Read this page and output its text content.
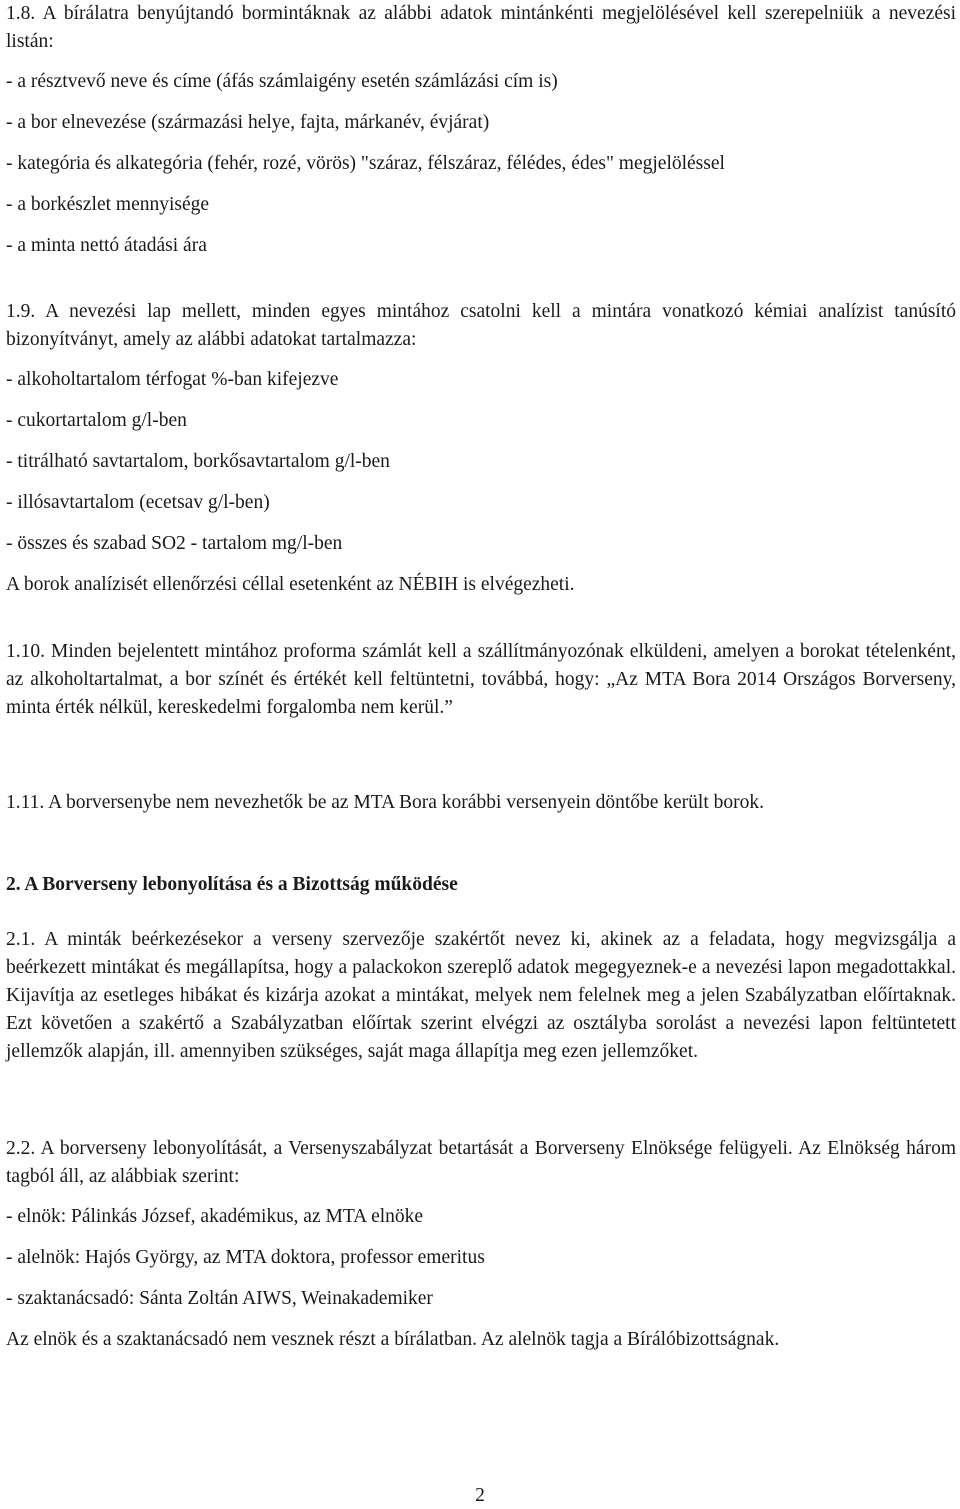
1.8. A bírálatra benyújtandó bormintáknak az alábbi adatok mintánkénti megjelölésével kell szerepelniük a nevezési listán:

- a résztvevő neve és címe (áfás számlaigény esetén számlázási cím is)
- a bor elnevezése (származási helye, fajta, márkanév, évjárat)
- kategória és alkategória (fehér, rozé, vörös) "száraz, félszáraz, félédes, édes" megjelöléssel
- a borkészlet mennyisége
- a minta nettó átadási ára

1.9. A nevezési lap mellett, minden egyes mintához csatolni kell a mintára vonatkozó kémiai analízist tanúsító bizonyítványt, amely az alábbi adatokat tartalmazza:

- alkoholtartalom térfogat %-ban kifejezve
- cukortartalom g/l-ben
- titrálható savtartalom, borkősavtartalom g/l-ben
- illósavtartalom (ecetsav g/l-ben)
- összes és szabad SO2 - tartalom mg/l-ben
A borok analízisét ellenőrzési céllal esetenként az NÉBIH is elvégezheti.

1.10. Minden bejelentett mintához proforma számlát kell a szállítmányozónak elküldeni, amelyen a borokat tételenként, az alkoholtartalmat, a bor színét és értékét kell feltüntetni, továbbá, hogy: „Az MTA Bora 2014 Országos Borverseny, minta érték nélkül, kereskedelmi forgalomba nem kerül.”

1.11. A borversenybe nem nevezhetők be az MTA Bora korábbi versenyein döntőbe került borok.

2. A Borverseny lebonyolítása és a Bizottság működése

2.1. A minták beérkezésekor a verseny szervezője szakértőt nevez ki, akinek az a feladata, hogy megvizsgálja a beérkezett mintákat és megállapítsa, hogy a palackokon szereplő adatok megegyeznek-e a nevezési lapon megadottakkal. Kijavítja az esetleges hibákat és kizárja azokat a mintákat, melyek nem felelnek meg a jelen Szabályzatban előírtaknak. Ezt követően a szakértő a Szabályzatban előírtak szerint elvégzi az osztályba sorolást a nevezési lapon feltüntetett jellemzők alapján, ill. amennyiben szükséges, saját maga állapítja meg ezen jellemzőket.

2.2. A borverseny lebonyolítását, a Versenyszabályzat betartását a Borverseny Elnöksége felügyeli. Az Elnökség három tagból áll, az alábbiak szerint:

- elnök: Pálinkás József, akadémikus, az MTA elnöke
- alelnök: Hajós György, az MTA doktora, professor emeritus
- szaktanácsadó: Sánta Zoltán AIWS, Weinakademiker

Az elnök és a szaktanácsadó nem vesznek részt a bírálatban. Az alelnök tagja a Bírálóbizottságnak.

2
